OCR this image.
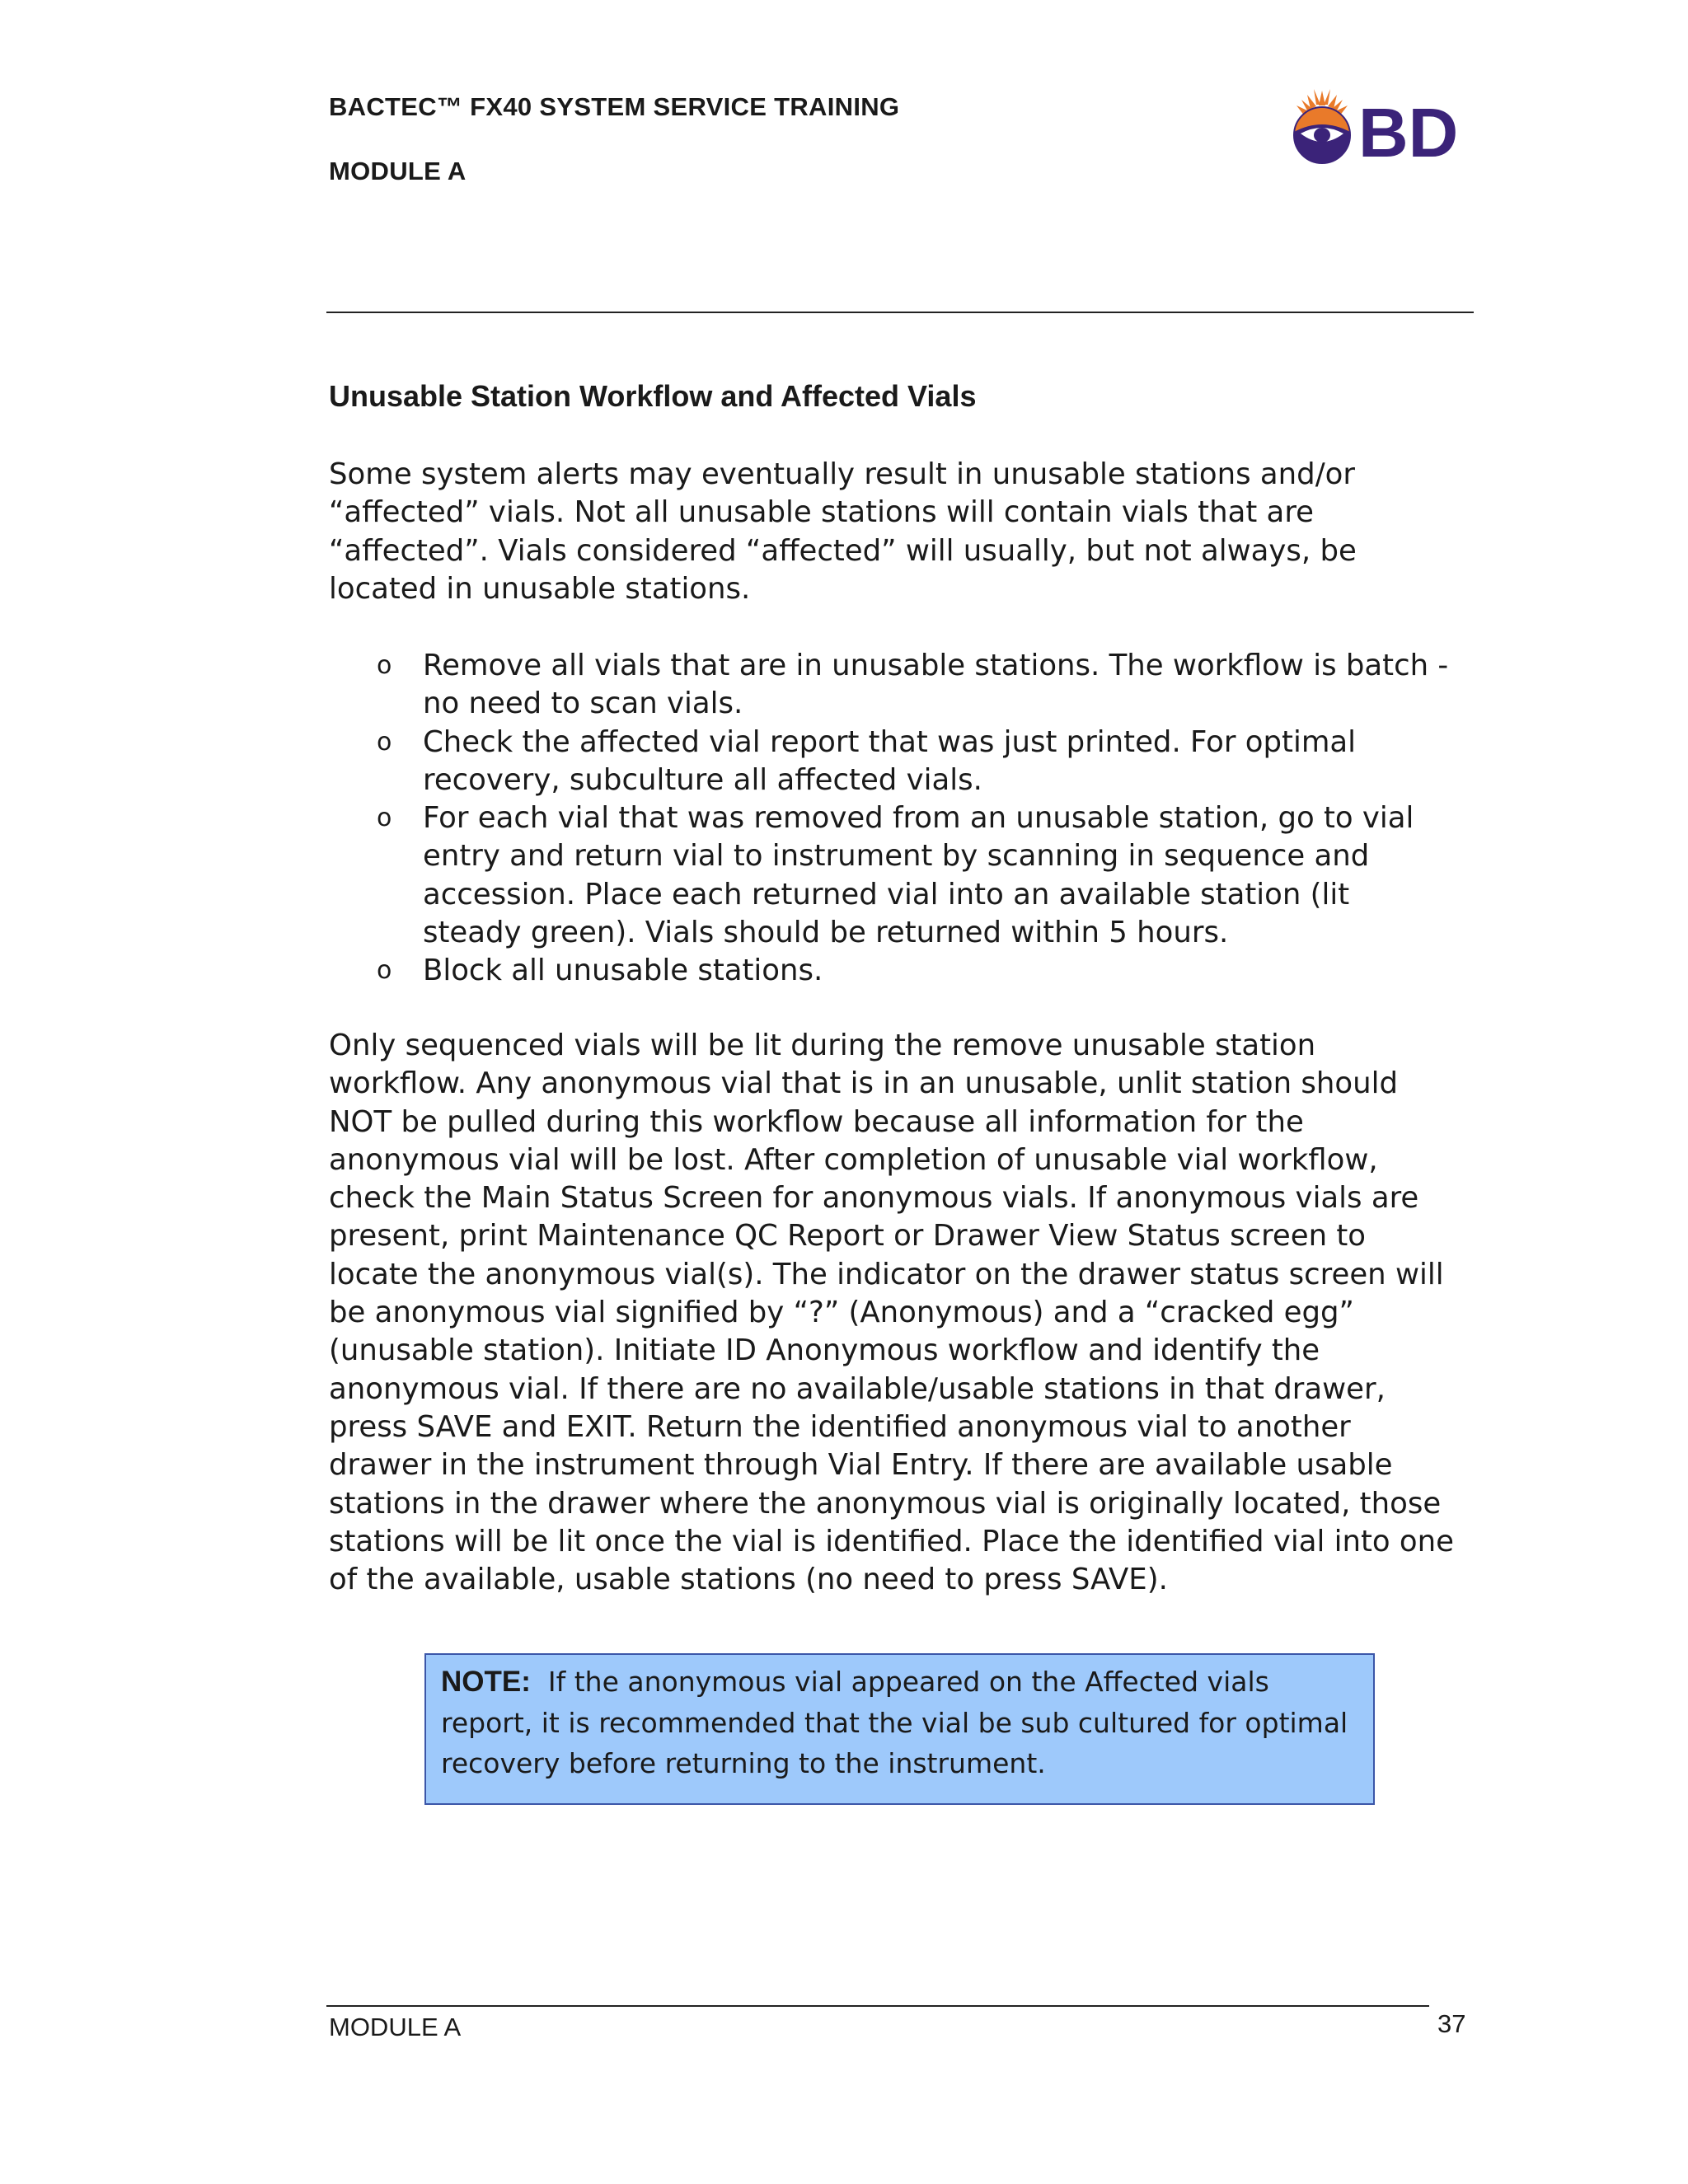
BACTEC™ FX40 SYSTEM SERVICE TRAINING
MODULE A	BD
Unusable Station Workflow and Affected Vials
Some system alerts may eventually result in unusable stations and/or
“affected” vials. Not all unusable stations will contain vials that are
“affected”. Vials considered “affected” will usually, but not always, be
located in unusable stations.
o Remove all vials that are in unusable stations. The workflow is batch -
no need to scan vials.
o Check the affected vial report that was just printed. For optimal
recovery, subculture all affected vials.
o For each vial that was removed from an unusable station, go to vial
entry and return vial to instrument by scanning in sequence and
accession. Place each returned vial into an available station (lit
steady green). Vials should be returned within 5 hours.
o Block all unusable stations.
Only sequenced vials will be lit during the remove unusable station
workflow. Any anonymous vial that is in an unusable, unlit station should
NOT be pulled during this workflow because all information for the
anonymous vial will be lost. After completion of unusable vial workflow,
check the Main Status Screen for anonymous vials. If anonymous vials are
present, print Maintenance QC Report or Drawer View Status screen to
locate the anonymous vial(s). The indicator on the drawer status screen will
be anonymous vial signified by “?” (Anonymous) and a “cracked egg”
(unusable station). Initiate ID Anonymous workflow and identify the
anonymous vial. If there are no available/usable stations in that drawer,
press SAVE and EXIT. Return the identified anonymous vial to another
drawer in the instrument through Vial Entry. If there are available usable
stations in the drawer where the anonymous vial is originally located, those
stations will be lit once the vial is identified. Place the identified vial into one
of the available, usable stations (no need to press SAVE).
NOTE: If the anonymous vial appeared on the Affected vials
report, it is recommended that the vial be sub cultured for optimal
recovery before returning to the instrument.
MODULE A	37
